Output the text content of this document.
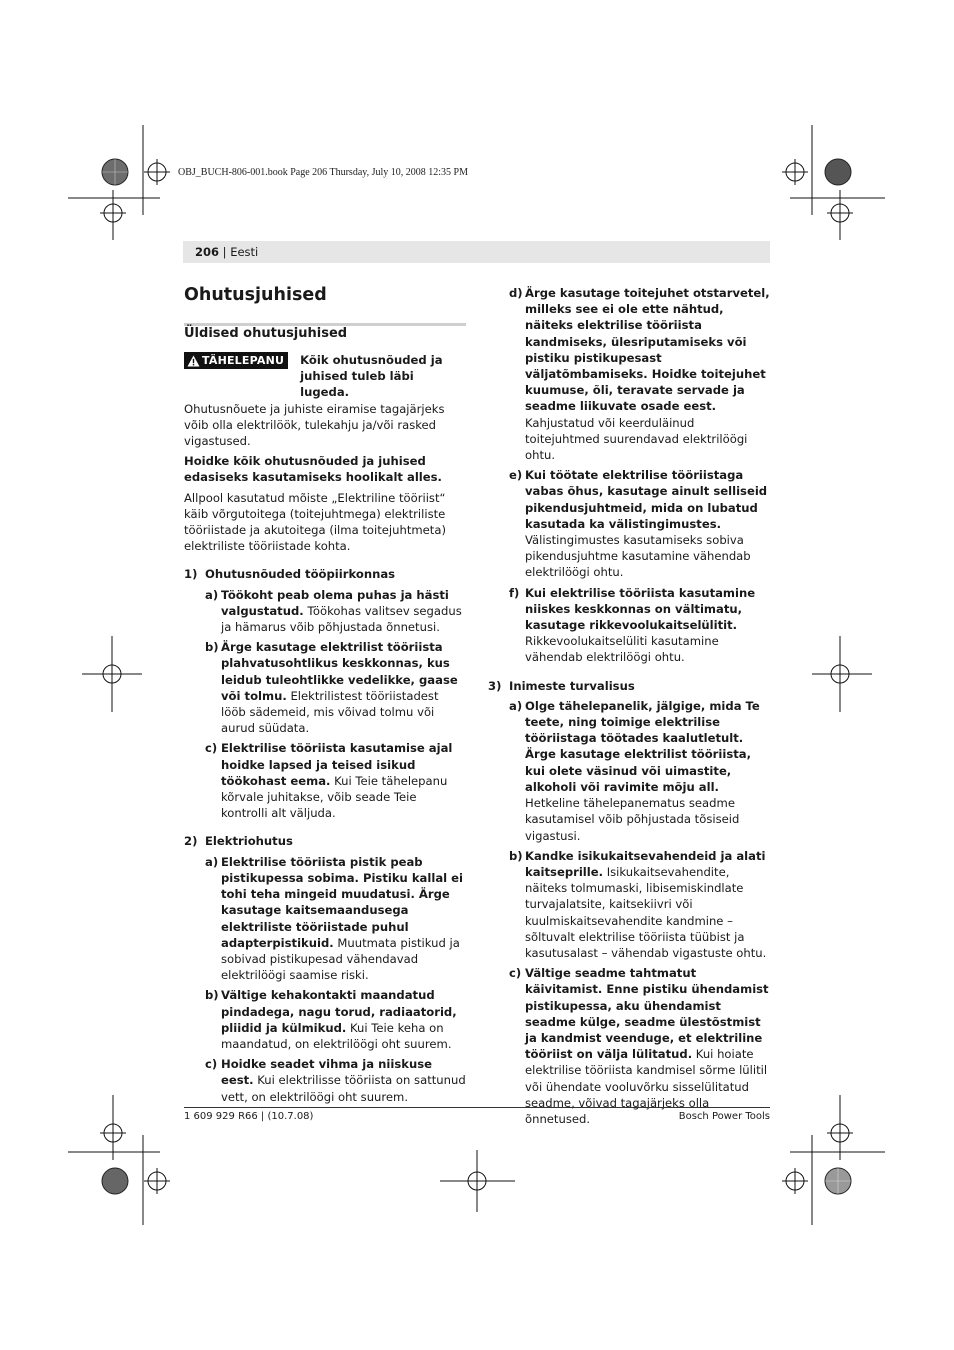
OBJ_BUCH-806-001.book Page 206 Thursday, July 10, 2008 12:35 PM
206 | Eesti
Ohutusjuhised
Üldised ohutusjuhised
TÄHELEPANU Kõik ohutusnõuded ja juhised tuleb läbi lugeda.

Ohutusnõuete ja juhiste eiramise tagajärjeks võib olla elektrilöök, tulekahju ja/või rasked vigastused.

Hoidke kõik ohutusnõuded ja juhised edasiseks kasutamiseks hoolikalt alles.

Allpool kasutatud mõiste „Elektriline tööriist“ käib võrgutoitega (toitejuhtmega) elektriliste tööriistade ja akutoitega (ilma toitejuhtmeta) elektriliste tööriistade kohta.

1) Ohutusnõuded tööpiirkonnas
a) Töökoht peab olema puhas ja hästi valgustatud. Töökohas valitsev segadus ja hämarus võib põhjustada õnnetusi.
b) Ärge kasutage elektrilist tööriista plahvatusohtlikus keskkonnas, kus leidub tuleohtlikke vedelikke, gaase või tolmu. Elektrilistest tööriistadest lööb sädemeid, mis võivad tolmu või aurud süüdata.
c) Elektrilise tööriista kasutamise ajal hoidke lapsed ja teised isikud töökohast eema. Kui Teie tähelepanu kõrvale juhitakse, võib seade Teie kontrolli alt väljuda.
2) Elektriohutus
a) Elektrilise tööriista pistik peab pistikupessa sobima. Pistiku kallal ei tohi teha mingeid muudatusi. Ärge kasutage kaitsemaandusega elektriliste tööriistade puhul adapterpistikuid. Muutmata pistikud ja sobivad pistikupesad vähendavad elektrilöögi saamise riski.
b) Vältige kehakontakti maandatud pindadega, nagu torud, radiaatorid, pliidid ja külmikud. Kui Teie keha on maandatud, on elektrilöögi oht suurem.
c) Hoidke seadet vihma ja niiskuse eest. Kui elektrilisse tööriista on sattunud vett, on elektrilöögi oht suurem.
d) Ärge kasutage toitejuhet otstarvetel, milleks see ei ole ette nähtud, näiteks elektrilise tööriista kandmiseks, ülesriputamiseks või pistiku pistikupesast väljatõmbamiseks. Hoidke toitejuhet kuumuse, õli, teravate servade ja seadme liikuvate osade eest. Kahjustatud või keerduläinud toitejuhtmed suurendavad elektrilöögi ohtu.
e) Kui töötate elektrilise tööriistaga vabas õhus, kasutage ainult selliseid pikendusjuhtmeid, mida on lubatud kasutada ka välistingimustes. Välistingimustes kasutamiseks sobiva pikendusjuhtme kasutamine vähendab elektrilöögi ohtu.
f) Kui elektrilise tööriista kasutamine niiskes keskkonnas on vältimatu, kasutage rikkevoolukaitselülitit. Rikkevoolukaitselüliti kasutamine vähendab elektrilöögi ohtu.
3) Inimeste turvalisus
a) Olge tähelepanelik, jälgige, mida Te teete, ning toimige elektrilise tööriistaga töötades kaalutletult. Ärge kasutage elektrilist tööriista, kui olete väsinud või uimastite, alkoholi või ravimite mõju all. Hetkeline tähelepanematus seadme kasutamisel võib põhjustada tõsiseid vigastusi.
b) Kandke isikukaitsevahendeid ja alati kaitseprille. Isikukaitsevahendite, näiteks tolmumaski, libisemiskindlate turvajalatsite, kaitsekiivri või kuulmiskaitsevahendite kandmine – sõltuvalt elektrilise tööriista tüübist ja kasutusalast – vähendab vigastuste ohtu.
c) Vältige seadme tahtmatut käivitamist. Enne pistiku ühendamist pistikupessa, aku ühendamist seadme külge, seadme ülestõstmist ja kandmist veenduge, et elektriline tööriist on välja lülitatud. Kui hoiate elektrilise tööriista kandmisel sõrme lülitil või ühendate vooluvõrku sisselülitatud seadme, võivad tagajärjeks olla õnnetused.
1 609 929 R66 | (10.7.08)	Bosch Power Tools
